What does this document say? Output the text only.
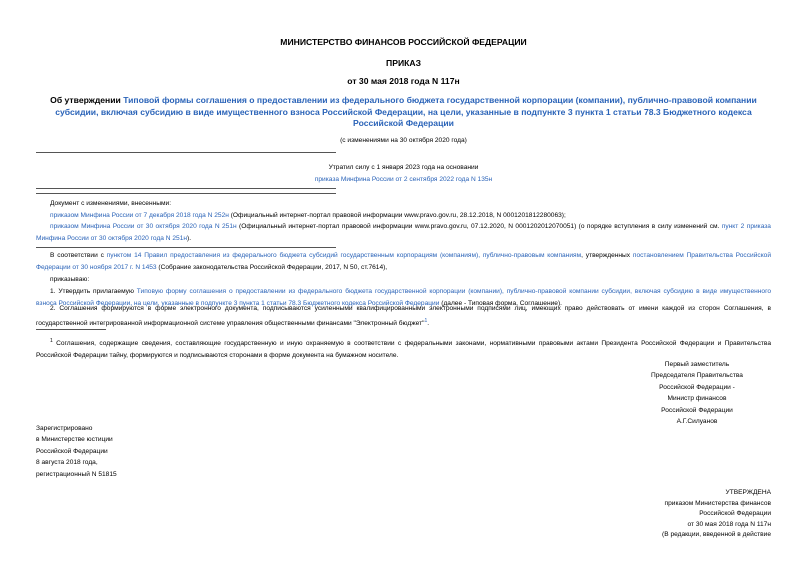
МИНИСТЕРСТВО ФИНАНСОВ РОССИЙСКОЙ ФЕДЕРАЦИИ
ПРИКАЗ
от 30 мая 2018 года N 117н
Об утверждении Типовой формы соглашения о предоставлении из федерального бюджета государственной корпорации (компании), публично-правовой компании субсидии, включая субсидию в виде имущественного взноса Российской Федерации, на цели, указанные в подпункте 3 пункта 1 статьи 78.3 Бюджетного кодекса Российской Федерации
(с изменениями на 30 октября 2020 года)
Утратил силу с 1 января 2023 года на основании
приказа Минфина России от 2 сентября 2022 года N 135н
Документ с изменениями, внесенными:
приказом Минфина России от 7 декабря 2018 года N 252н (Официальный интернет-портал правовой информации www.pravo.gov.ru, 28.12.2018, N 0001201812280063);
приказом Минфина России от 30 октября 2020 года N 251н (Официальный интернет-портал правовой информации www.pravo.gov.ru, 07.12.2020, N 0001202012070051) (о порядке вступления в силу изменений см. пункт 2 приказа Минфина России от 30 октября 2020 года N 251н).
В соответствии с пунктом 14 Правил предоставления из федерального бюджета субсидий государственным корпорациям (компаниям), публично-правовым компаниям, утвержденных постановлением Правительства Российской Федерации от 30 ноября 2017 г. N 1453 (Собрание законодательства Российской Федерации, 2017, N 50, ст.7614),
приказываю:
1. Утвердить прилагаемую Типовую форму соглашения о предоставлении из федерального бюджета государственной корпорации (компании), публично-правовой компании субсидии, включая субсидию в виде имущественного взноса Российской Федерации, на цели, указанные в подпункте 3 пункта 1 статьи 78.3 Бюджетного кодекса Российской Федерации (далее - Типовая форма, Соглашение).
2. Соглашения формируются в форме электронного документа, подписываются усиленными квалифицированными электронными подписями лиц, имеющих право действовать от имени каждой из сторон Соглашения, в государственной интегрированной информационной системе управления общественными финансами "Электронный бюджет"$^1$.
$^1$ Соглашения, содержащие сведения, составляющие государственную и иную охраняемую в соответствии с федеральными законами, нормативными правовыми актами Президента Российской Федерации и Правительства Российской Федерации тайну, формируются и подписываются сторонами в форме документа на бумажном носителе.
Первый заместитель
Председателя Правительства
Российской Федерации -
Министр финансов
Российской Федерации
А.Г.Силуанов
Зарегистрировано
в Министерстве юстиции
Российской Федерации
8 августа 2018 года,
регистрационный N 51815
УТВЕРЖДЕНА
приказом Министерства финансов
Российской Федерации
от 30 мая 2018 года N 117н
(В редакции, введенной в действие
